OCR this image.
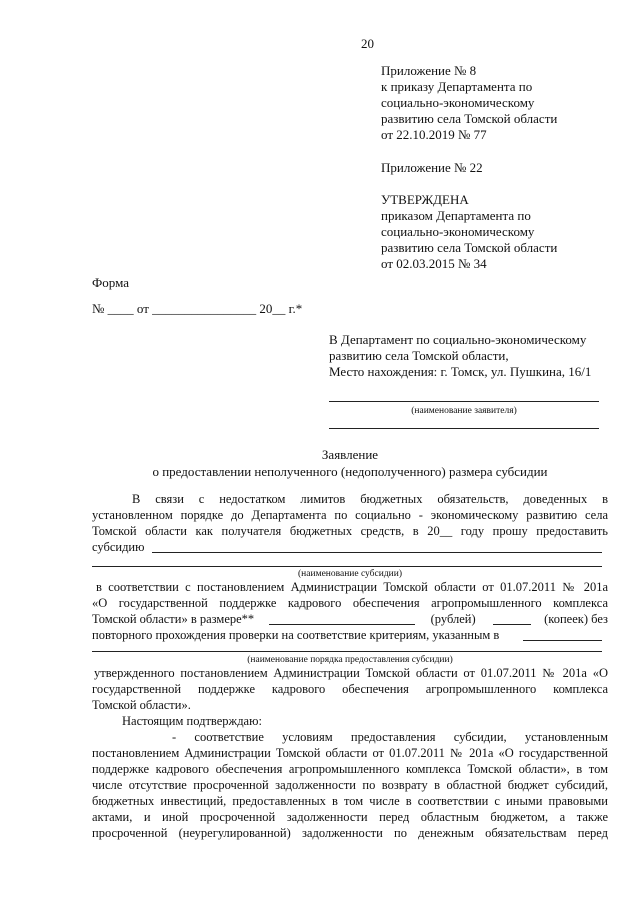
20
Приложение № 8
к приказу Департамента по
социально-экономическому
развитию села Томской области
от 22.10.2019 № 77
Приложение № 22
УТВЕРЖДЕНА
приказом Департамента по
социально-экономическому
развитию села Томской области
от 02.03.2015 № 34
Форма
№ ____ от ________________ 20__ г.*
В Департамент по социально-экономическому
развитию села Томской области,
Место нахождения: г. Томск, ул. Пушкина, 16/1
(наименование заявителя)
Заявление
о предоставлении неполученного (недополученного) размера субсидии
В связи с недостатком лимитов бюджетных обязательств, доведенных в
установленном порядке до Департамента по социально - экономическому развитию села
Томской области как получателя бюджетных средств, в 20__ году прошу предоставить
субсидию
(наименование субсидии)
в соответствии с постановлением Администрации Томской области от 01.07.2011 № 201а
«О государственной поддержке кадрового обеспечения агропромышленного комплекса
Томской области» в размере**	(рублей)	(копеек) без
повторного прохождения проверки на соответствие критериям, указанным в
(наименование порядка предоставления субсидии)
утвержденного постановлением Администрации Томской области от 01.07.2011 № 201а «О
государственной поддержке кадрового обеспечения агропромышленного комплекса
Томской области».
Настоящим подтверждаю:
- соответствие условиям предоставления субсидии, установленным
постановлением Администрации Томской области от 01.07.2011 № 201а «О государственной
поддержке кадрового обеспечения агропромышленного комплекса Томской области», в том
числе отсутствие просроченной задолженности по возврату в областной бюджет субсидий,
бюджетных инвестиций, предоставленных в том числе в соответствии с иными правовыми
актами, и иной просроченной задолженности перед областным бюджетом, а также
просроченной (неурегулированной) задолженности по денежным обязательствам перед
